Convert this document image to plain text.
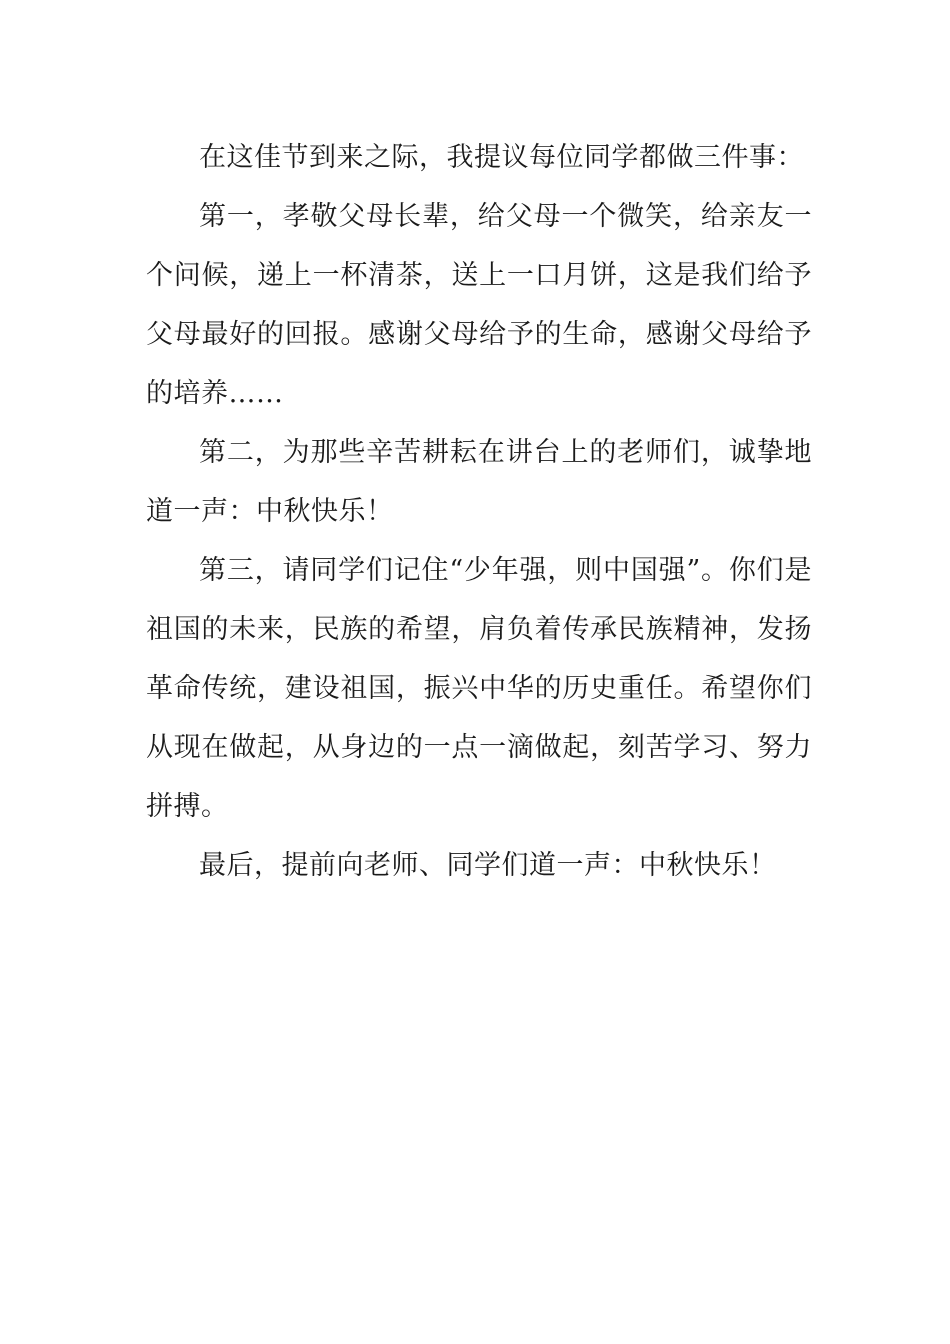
在这佳节到来之际，我提议每位同学都做三件事：

第一，孝敬父母长辈，给父母一个微笑，给亲友一个问候，递上一杯清茶，送上一口月饼，这是我们给予父母最好的回报。感谢父母给予的生命，感谢父母给予的培养……

第二，为那些辛苦耕耘在讲台上的老师们，诚挚地道一声：中秋快乐！

第三，请同学们记住“少年强，则中国强”。你们是祖国的未来，民族的希望，肩负着传承民族精神，发扬革命传统，建设祖国，振兴中华的历史重任。希望你们从现在做起，从身边的一点一滴做起，刻苦学习、努力拼搏。

最后，提前向老师、同学们道一声：中秋快乐！
